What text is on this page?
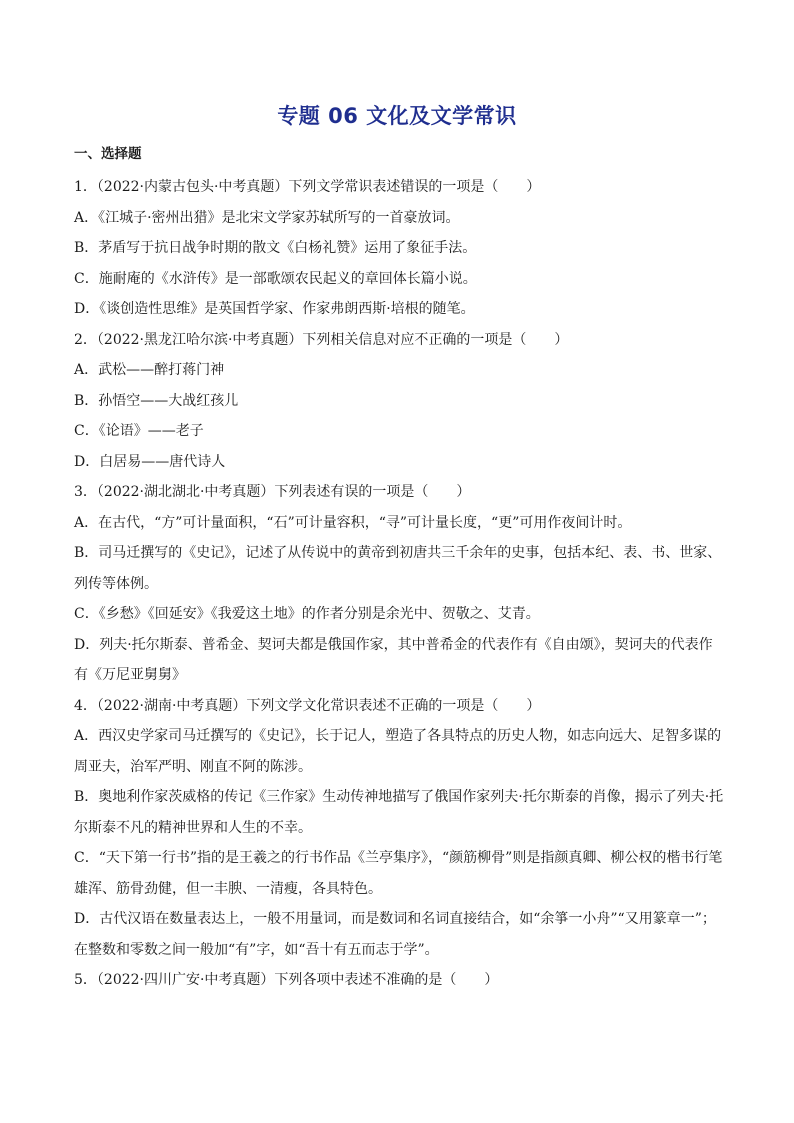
专题 06 文化及文学常识
一、选择题

1．（2022·内蒙古包头·中考真题）下列文学常识表述错误的一项是（　　）

A．《江城子·密州出猎》是北宋文学家苏轼所写的一首豪放词。

B．茅盾写于抗日战争时期的散文《白杨礼赞》运用了象征手法。

C．施耐庵的《水浒传》是一部歌颂农民起义的章回体长篇小说。

D．《谈创造性思维》是英国哲学家、作家弗朗西斯·培根的随笔。

2．（2022·黑龙江哈尔滨·中考真题）下列相关信息对应不正确的一项是（　　）

A．武松——醉打蒋门神

B．孙悟空——大战红孩儿

C．《论语》——老子

D．白居易——唐代诗人

3．（2022·湖北湖北·中考真题）下列表述有误的一项是（　　）

A．在古代，“方”可计量面积，“石”可计量容积，“寻”可计量长度，“更”可用作夜间计时。

B．司马迁撰写的《史记》，记述了从传说中的黄帝到初唐共三千余年的史事，包括本纪、表、书、世家、列传等体例。

C．《乡愁》《回延安》《我爱这土地》的作者分别是余光中、贺敬之、艾青。

D．列夫·托尔斯泰、普希金、契诃夫都是俄国作家，其中普希金的代表作有《自由颂》，契诃夫的代表作有《万尼亚舅舅》

4．（2022·湖南·中考真题）下列文学文化常识表述不正确的一项是（　　）

A．西汉史学家司马迁撰写的《史记》，长于记人，塑造了各具特点的历史人物，如志向远大、足智多谋的周亚夫，治军严明、刚直不阿的陈涉。

B．奥地利作家茨威格的传记《三作家》生动传神地描写了俄国作家列夫·托尔斯泰的肖像，揭示了列夫·托尔斯泰不凡的精神世界和人生的不幸。

C．“天下第一行书”指的是王羲之的行书作品《兰亭集序》，“颜筋柳骨”则是指颜真卿、柳公权的楷书行笔雄浑、筋骨劲健，但一丰腴、一清瘦，各具特色。

D．古代汉语在数量表达上，一般不用量词，而是数词和名词直接结合，如“余箏一小舟”“又用篆章一”；在整数和零数之间一般加“有”字，如“吾十有五而志于学”。

5．（2022·四川广安·中考真题）下列各项中表述不准确的是（　　）
